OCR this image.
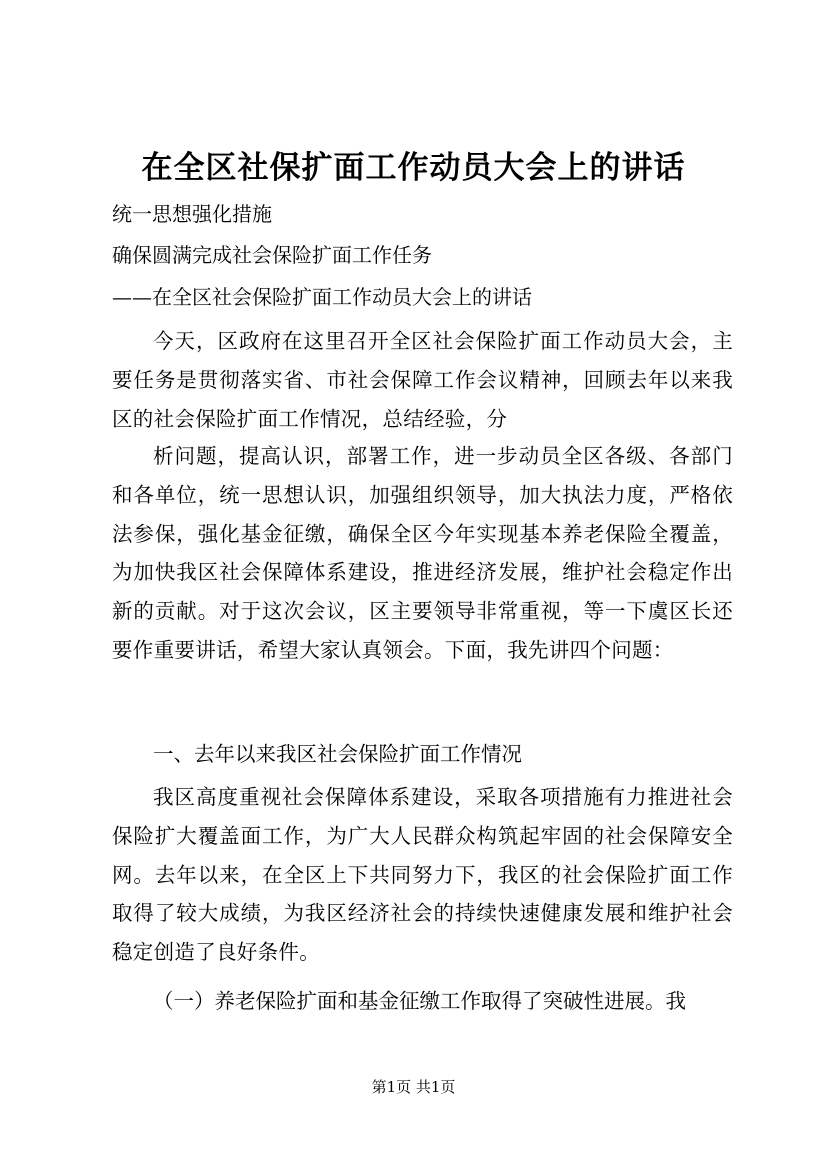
在全区社保扩面工作动员大会上的讲话
统一思想强化措施
确保圆满完成社会保险扩面工作任务
——在全区社会保险扩面工作动员大会上的讲话
今天，区政府在这里召开全区社会保险扩面工作动员大会，主要任务是贯彻落实省、市社会保障工作会议精神，回顾去年以来我区的社会保险扩面工作情况，总结经验，分
析问题，提高认识，部署工作，进一步动员全区各级、各部门和各单位，统一思想认识，加强组织领导，加大执法力度，严格依法参保，强化基金征缴，确保全区今年实现基本养老保险全覆盖，为加快我区社会保障体系建设，推进经济发展，维护社会稳定作出新的贡献。对于这次会议，区主要领导非常重视，等一下虞区长还要作重要讲话，希望大家认真领会。下面，我先讲四个问题：
一、去年以来我区社会保险扩面工作情况
我区高度重视社会保障体系建设，采取各项措施有力推进社会保险扩大覆盖面工作，为广大人民群众构筑起牢固的社会保障安全网。去年以来，在全区上下共同努力下，我区的社会保险扩面工作取得了较大成绩，为我区经济社会的持续快速健康发展和维护社会稳定创造了良好条件。
（一）养老保险扩面和基金征缴工作取得了突破性进展。我
第1页 共1页
